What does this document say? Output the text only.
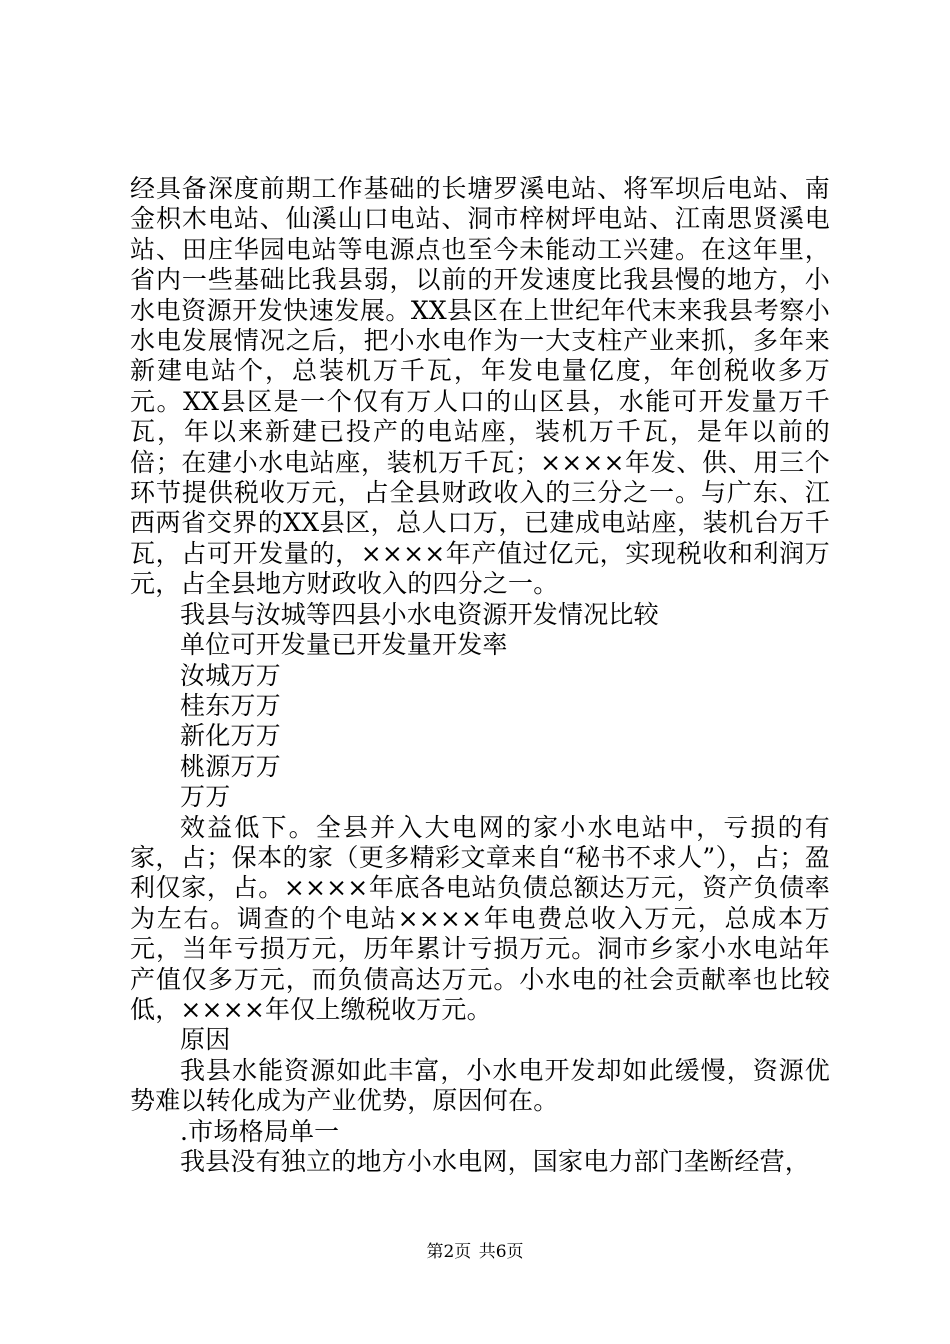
经具备深度前期工作基础的长塘罗溪电站、将军坝后电站、南金枳木电站、仙溪山口电站、洞市梓树坪电站、江南思贤溪电站、田庄华园电站等电源点也至今未能动工兴建。在这年里，省内一些基础比我县弱，以前的开发速度比我县慢的地方，小水电资源开发快速发展。XX县区在上世纪年代末来我县考察小水电发展情况之后，把小水电作为一大支柱产业来抓，多年来新建电站个，总装机万千瓦，年发电量亿度，年创税收多万元。XX县区是一个仅有万人口的山区县，水能可开发量万千瓦，年以来新建已投产的电站座，装机万千瓦，是年以前的倍；在建小水电站座，装机万千瓦；××××年发、供、用三个环节提供税收万元，占全县财政收入的三分之一。与广东、江西两省交界的XX县区，总人口万，已建成电站座，装机台万千瓦，占可开发量的，××××年产值过亿元，实现税收和利润万元，占全县地方财政收入的四分之一。

我县与汝城等四县小水电资源开发情况比较

单位可开发量已开发量开发率

汝城万万

桂东万万

新化万万

桃源万万

万万

效益低下。全县并入大电网的家小水电站中，亏损的有家，占；保本的家（更多精彩文章来自“秘书不求人”），占；盈利仅家，占。××××年底各电站负债总额达万元，资产负债率为左右。调查的个电站××××年电费总收入万元，总成本万元，当年亏损万元，历年累计亏损万元。洞市乡家小水电站年产值仅多万元，而负债高达万元。小水电的社会贡献率也比较低，××××年仅上缴税收万元。

原因

我县水能资源如此丰富，小水电开发却如此缓慢，资源优势难以转化成为产业优势，原因何在。

.市场格局单一

我县没有独立的地方小水电网，国家电力部门垄断经营，

第2页 共6页
